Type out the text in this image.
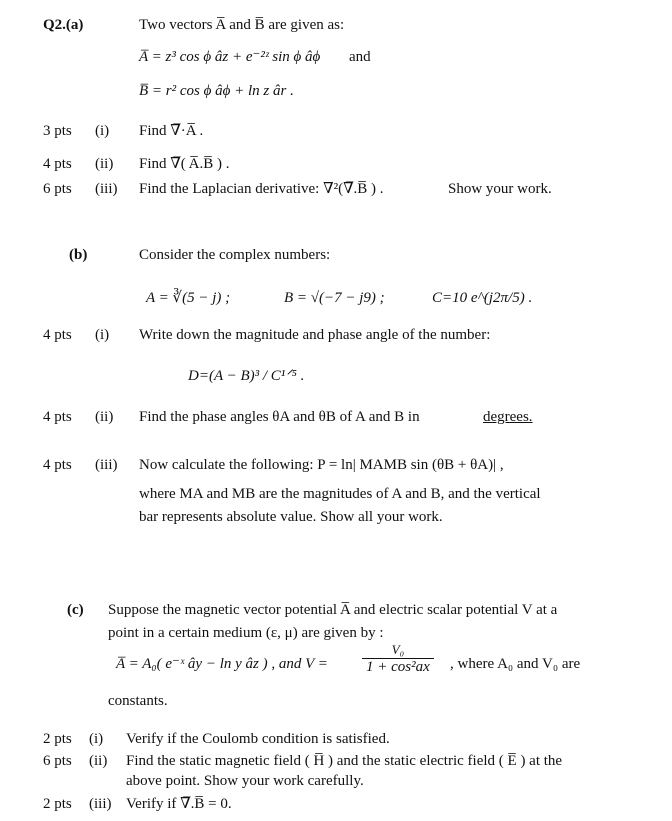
Q2.(a)	Two vectors A̅ and B̅ are given as:
A̅ = z³ cos ϕ âz + e⁻²ᶻ sin ϕ âϕ and
B̅ = r² cos ϕ âϕ + ln z âr .
3 pts (i) Find ∇̅·A̅ .
4 pts (ii) Find ∇̅( A̅.B̅ ) .
6 pts (iii) Find the Laplacian derivative: ∇²(∇̅.B̅ ) .	Show your work.
(b)	Consider the complex numbers:
A = ∛(5 − j) ;	B = √(−7 − j9) ;	C=10 e^(j2π/5) .
4 pts (i) Write down the magnitude and phase angle of the number:
D=(A − B)³ / C¹ᐟ⁵ .
4 pts (ii) Find the phase angles θA and θB of A and B in	degrees.
4 pts (iii) Now calculate the following: P = ln| MAMB sin (θB + θA)| ,
where MA and MB are the magnitudes of A and B, and the vertical
bar represents absolute value. Show all your work.
(c) Suppose the magnetic vector potential A̅ and electric scalar potential V at a
point in a certain medium (ε, μ) are given by :
A̅ = A₀( e⁻ˣ ây − ln y âz ) , and V =	$\frac{\text{V₀}}{\text{1 + cos²ax}}$ , where A₀ and V₀ are
constants.
2 pts (i) Verify if the Coulomb condition is satisfied.
6 pts (ii) Find the static magnetic field ( H̅ ) and the static electric field ( E̅ ) at the
above point. Show your work carefully.
2 pts (iii) Verify if ∇̅.B̅ = 0.
